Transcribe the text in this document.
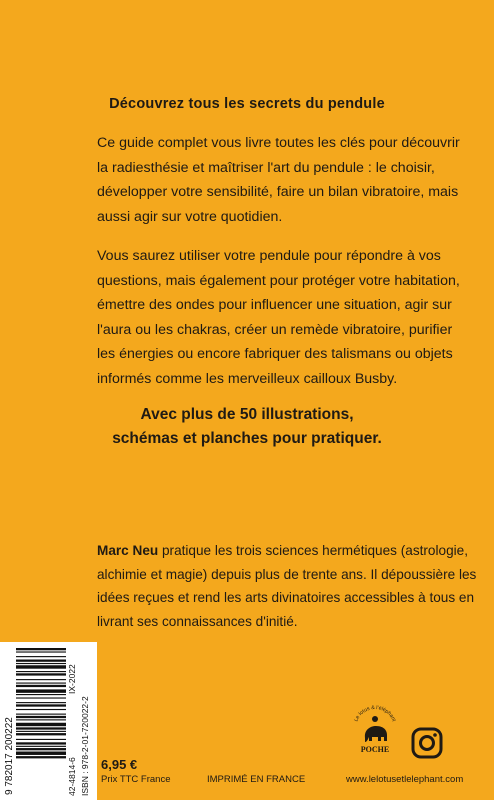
Découvrez tous les secrets du pendule
Ce guide complet vous livre toutes les clés pour découvrir
la radiesthésie et maîtriser l'art du pendule : le choisir,
développer votre sensibilité, faire un bilan vibratoire, mais
aussi agir sur votre quotidien.
Vous saurez utiliser votre pendule pour répondre à vos
questions, mais également pour protéger votre habitation,
émettre des ondes pour influencer une situation, agir sur
l'aura ou les chakras, créer un remède vibratoire, purifier
les énergies ou encore fabriquer des talismans ou objets
informés comme les merveilleux cailloux Busby.
Avec plus de 50 illustrations,
schémas et planches pour pratiquer.
Marc Neu pratique les trois sciences hermétiques (astrologie,
alchimie et magie) depuis plus de trente ans. Il dépoussière les
idées reçues et rend les arts divinatoires accessibles à tous en
livrant ses connaissances d'initié.
9 782017 200222	42-4814-6
IX-2022
ISBN : 978-2-01-720022-2 6,95 €
Prix TTC France	IMPRIMÉ EN FRANCE
Le lotus & l'éléphant
POCHE
www.lelotusetlelephant.com
